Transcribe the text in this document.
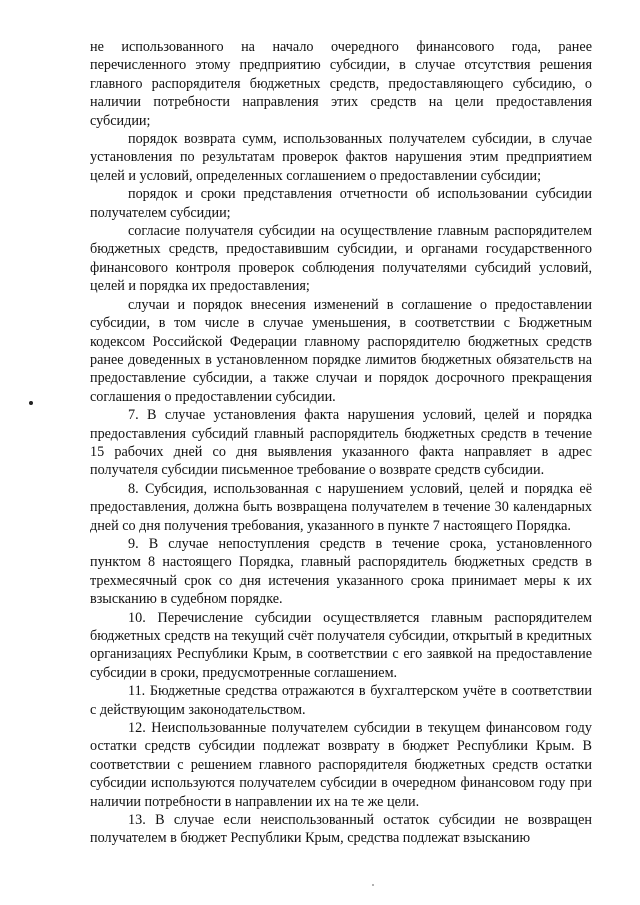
не использованного на начало очередного финансового года, ранее перечисленного этому предприятию субсидии, в случае отсутствия решения главного распорядителя бюджетных средств, предоставляющего субсидию, о наличии потребности направления этих средств на цели предоставления субсидии;

порядок возврата сумм, использованных получателем субсидии, в случае установления по результатам проверок фактов нарушения этим предприятием целей и условий, определенных соглашением о предоставлении субсидии;

порядок и сроки представления отчетности об использовании субсидии получателем субсидии;

согласие получателя субсидии на осуществление главным распорядителем бюджетных средств, предоставившим субсидии, и органами государственного финансового контроля проверок соблюдения получателями субсидий условий, целей и порядка их предоставления;

случаи и порядок внесения изменений в соглашение о предоставлении субсидии, в том числе в случае уменьшения, в соответствии с Бюджетным кодексом Российской Федерации главному распорядителю бюджетных средств ранее доведенных в установленном порядке лимитов бюджетных обязательств на предоставление субсидии, а также случаи и порядок досрочного прекращения соглашения о предоставлении субсидии.

7. В случае установления факта нарушения условий, целей и порядка предоставления субсидий главный распорядитель бюджетных средств в течение 15 рабочих дней со дня выявления указанного факта направляет в адрес получателя субсидии письменное требование о возврате средств субсидии.

8. Субсидия, использованная с нарушением условий, целей и порядка её предоставления, должна быть возвращена получателем в течение 30 календарных дней со дня получения требования, указанного в пункте 7 настоящего Порядка.

9. В случае непоступления средств в течение срока, установленного пунктом 8 настоящего Порядка, главный распорядитель бюджетных средств в трехмесячный срок со дня истечения указанного срока принимает меры к их взысканию в судебном порядке.

10. Перечисление субсидии осуществляется главным распорядителем бюджетных средств на текущий счёт получателя субсидии, открытый в кредитных организациях Республики Крым, в соответствии с его заявкой на предоставление субсидии в сроки, предусмотренные соглашением.

11. Бюджетные средства отражаются в бухгалтерском учёте в соответствии с действующим законодательством.

12. Неиспользованные получателем субсидии в текущем финансовом году остатки средств субсидии подлежат возврату в бюджет Республики Крым. В соответствии с решением главного распорядителя бюджетных средств остатки субсидии используются получателем субсидии в очередном финансовом году при наличии потребности в направлении их на те же цели.

13. В случае если неиспользованный остаток субсидии не возвращен получателем в бюджет Республики Крым, средства подлежат взысканию
